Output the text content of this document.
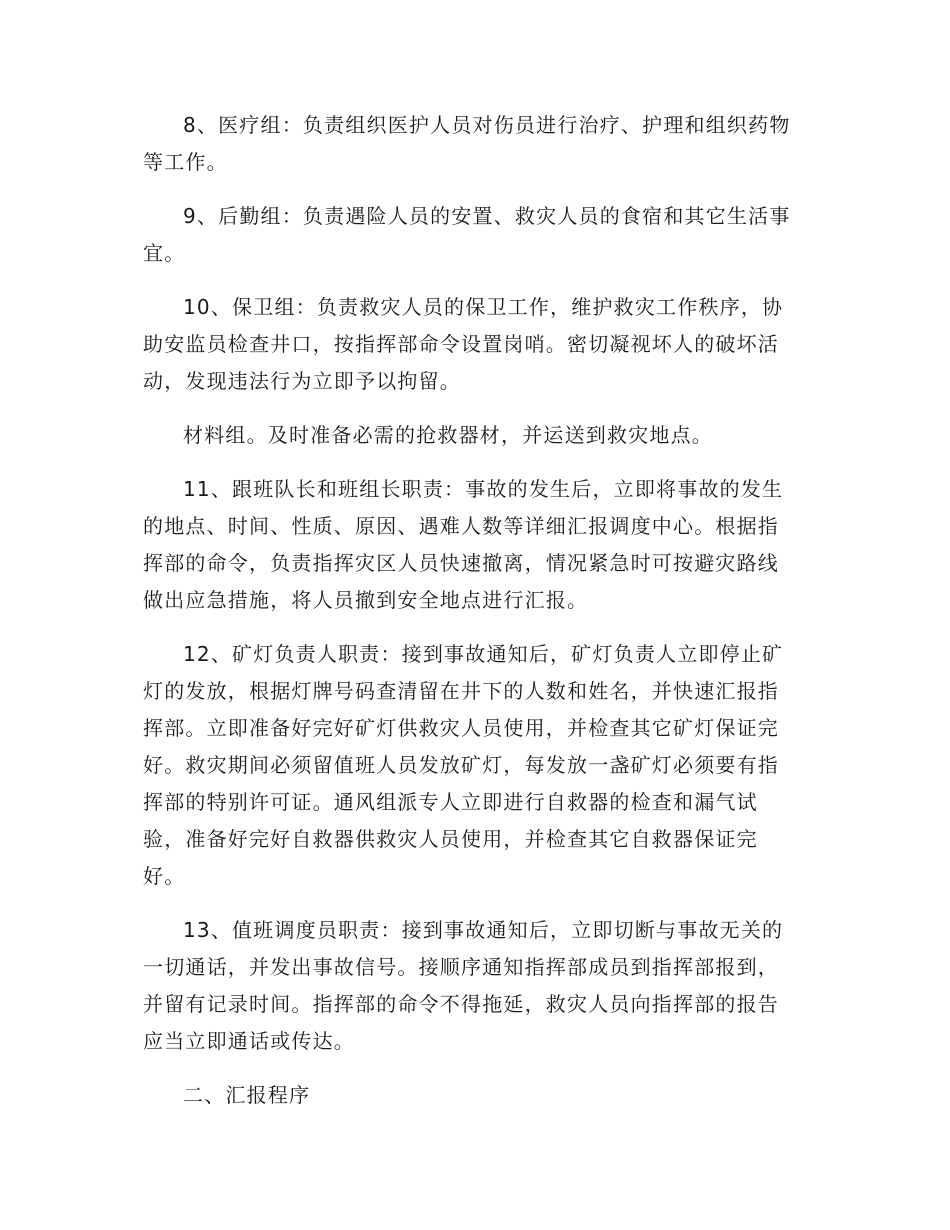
8、医疗组：负责组织医护人员对伤员进行治疗、护理和组织药物
等工作。
9、后勤组：负责遇险人员的安置、救灾人员的食宿和其它生活事
宜。
10、保卫组：负责救灾人员的保卫工作，维护救灾工作秩序，协
助安监员检查井口，按指挥部命令设置岗哨。密切凝视坏人的破坏活
动，发现违法行为立即予以拘留。
材料组。及时准备必需的抢救器材，并运送到救灾地点。
11、跟班队长和班组长职责：事故的发生后，立即将事故的发生
的地点、时间、性质、原因、遇难人数等详细汇报调度中心。根据指
挥部的命令，负责指挥灾区人员快速撤离，情况紧急时可按避灾路线
做出应急措施，将人员撤到安全地点进行汇报。
12、矿灯负责人职责：接到事故通知后，矿灯负责人立即停止矿
灯的发放，根据灯牌号码查清留在井下的人数和姓名，并快速汇报指
挥部。立即准备好完好矿灯供救灾人员使用，并检查其它矿灯保证完
好。救灾期间必须留值班人员发放矿灯，每发放一盏矿灯必须要有指
挥部的特别许可证。通风组派专人立即进行自救器的检查和漏气试
验，准备好完好自救器供救灾人员使用，并检查其它自救器保证完
好。
13、值班调度员职责：接到事故通知后，立即切断与事故无关的
一切通话，并发出事故信号。接顺序通知指挥部成员到指挥部报到，
并留有记录时间。指挥部的命令不得拖延，救灾人员向指挥部的报告
应当立即通话或传达。
二、汇报程序
